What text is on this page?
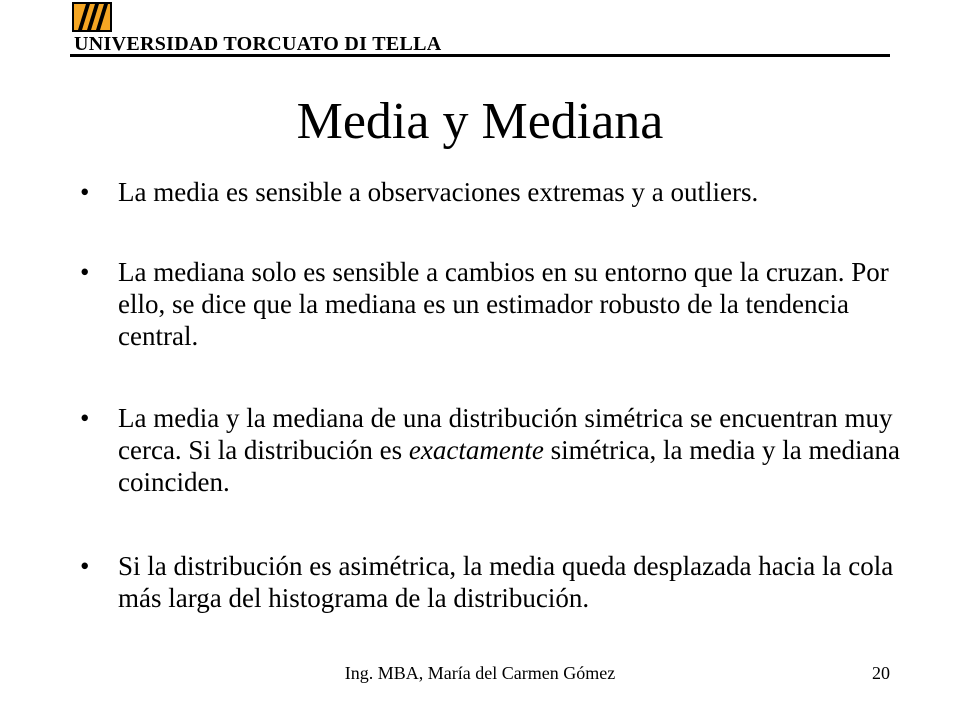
UNIVERSIDAD TORCUATO DI TELLA
Media y Mediana
• La media es sensible a observaciones extremas y a outliers.
• La mediana solo es sensible a cambios en su entorno que la cruzan. Por ello, se dice que la mediana es un estimador robusto de la tendencia central.
• La media y la mediana de una distribución simétrica se encuentran muy cerca. Si la distribución es exactamente simétrica, la media y la mediana coinciden.
• Si la distribución es asimétrica, la media queda desplazada hacia la cola más larga del histograma de la distribución.
Ing. MBA, María del Carmen Gómez	20
